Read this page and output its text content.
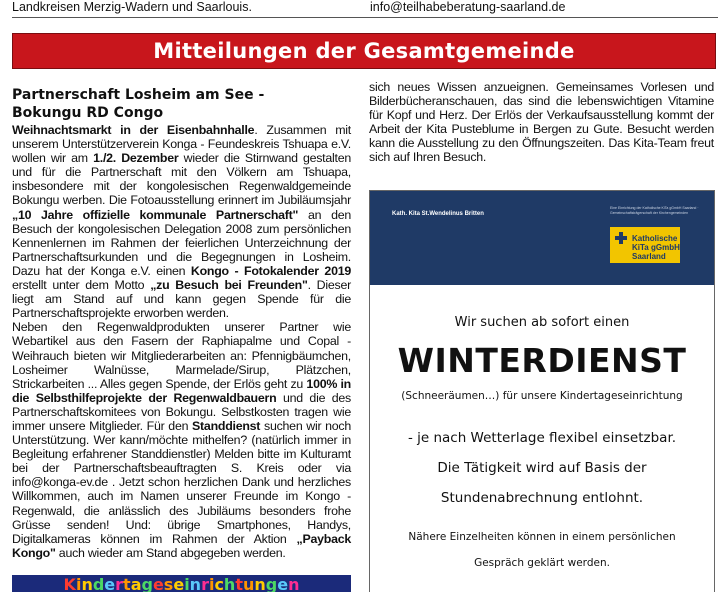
Landkreisen Merzig-Wadern und Saarlouis.	info@teilhabeberatung-saarland.de
Mitteilungen der Gesamtgemeinde

Partnerschaft Losheim am See -

Bokungu RD Congo

Weihnachtsmarkt in der Eisenbahnhalle. Zusammen mit unserem Unterstützerverein Konga - Feundeskreis Tshuapa e.V. wollen wir am 1./2. Dezember wieder die Stirnwand gestalten und für die Partnerschaft mit den Völkern am Tshuapa, insbesondere mit der kongolesischen Regenwaldgemeinde Bokungu werben. Die Fotoausstellung erinnert im Jubiläumsjahr „10 Jahre offizielle kommunale Partnerschaft" an den Besuch der kongolesischen Delegation 2008 zum persönlichen Kennenlernen im Rahmen der feierlichen Unterzeichnung der Partnerschaftsurkunden und die Begegnungen in Losheim. Dazu hat der Konga e.V. einen Kongo - Fotokalender 2019 erstellt unter dem Motto „zu Besuch bei Freunden". Dieser liegt am Stand auf und kann gegen Spende für die Partnerschaftsprojekte erworben werden.

Neben den Regenwaldprodukten unserer Partner wie Webartikel aus den Fasern der Raphiapalme und Copal - Weihrauch bieten wir Mitgliederarbeiten an: Pfennigbäumchen, Losheimer Walnüsse, Marmelade/Sirup, Plätzchen, Strickarbeiten ... Alles gegen Spende, der Erlös geht zu 100% in die Selbsthilfeprojekte der Regenwaldbauern und die des Partnerschaftskomitees von Bokungu. Selbstkosten tragen wie immer unsere Mitglieder. Für den Standdienst suchen wir noch Unterstützung. Wer kann/möchte mithelfen? (natürlich immer in Begleitung erfahrener Standdienstler) Melden bitte im Kulturamt bei der Partnerschaftsbeauftragten S. Kreis oder via info@konga-ev.de . Jetzt schon herzlichen Dank und herzliches Willkommen, auch im Namen unserer Freunde im Kongo - Regenwald, die anlässlich des Jubiläums besonders frohe Grüsse senden! Und: übrige Smartphones, Handys, Digitalkameras können im Rahmen der Aktion „Payback Kongo" auch wieder am Stand abgegeben werden.

sich neues Wissen anzueignen. Gemeinsames Vorlesen und Bilderbücheranschauen, das sind die lebenswichtigen Vitamine für Kopf und Herz. Der Erlös der Verkaufsausstellung kommt der Arbeit der Kita Pusteblume in Bergen zu Gute. Besucht werden kann die Ausstellung zu den Öffnungszeiten. Das Kita-Team freut sich auf Ihren Besuch.

Kath. Kita St.Wendelinus Britten
Eine Einrichtung der Katholische KiTa gGmbH Saarland · Gemeinschaftsträgerschaft der Kirchengemeinden
Katholische
KiTa gGmbH
Saarland
Wir suchen ab sofort einen
WINTERDIENST
(Schneeräumen…) für unsere Kindertageseinrichtung
- je nach Wetterlage flexibel einsetzbar.
Die Tätigkeit wird auf Basis der
Stundenabrechnung entlohnt.
Nähere Einzelheiten können in einem persönlichen
Gespräch geklärt werden.
Kindertageseinrichtungen
